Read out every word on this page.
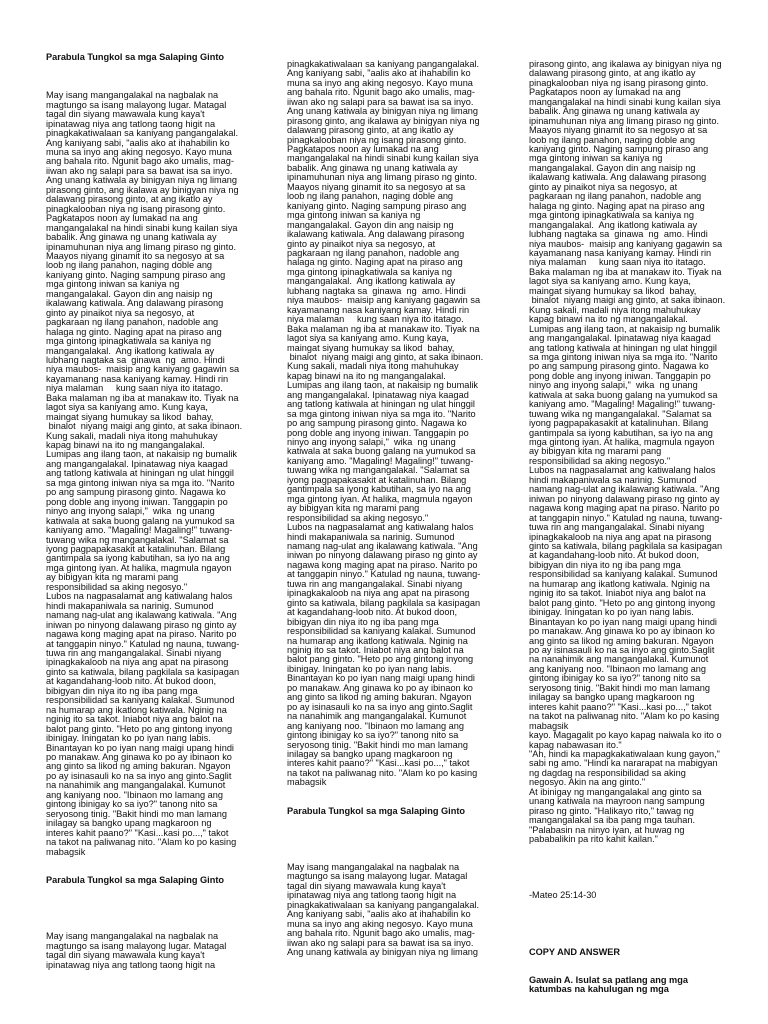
Parabula Tungkol sa mga Salaping Ginto

May isang mangangalakal na nagbalak na
magtungo sa isang malayong lugar. Matagal
tagal din siyang mawawala kung kaya't
ipinatawag niya ang tatlong taong higit na
pinagkakatiwalaan sa kaniyang pangangalakal.
Ang kaniyang sabi, "aalis ako at ihahabilin ko
muna sa inyo ang aking negosyo. Kayo muna
ang bahala rito. Ngunit bago ako umalis, mag-
iiwan ako ng salapi para sa bawat isa sa inyo.
Ang unang katiwala ay binigyan niya ng limang
pirasong ginto, ang ikalawa ay binigyan niya ng
dalawang pirasong ginto, at ang ikatlo ay
pinagkalooban niya ng isang pirasong ginto.
Pagkatapos noon ay lumakad na ang
mangangalakal na hindi sinabi kung kailan siya
babalik. Ang ginawa ng unang katiwala ay
ipinamuhunan niya ang limang piraso ng ginto.
Maayos niyang ginamit ito sa negosyo at sa
loob ng ilang panahon, naging doble ang
kaniyang ginto. Naging sampung piraso ang
mga gintong iniwan sa kaniya ng
mangangalakal. Gayon din ang naisip ng
ikalawang katiwala. Ang dalawang pirasong
ginto ay pinaikot niya sa negosyo, at
pagkaraan ng ilang panahon, nadoble ang
halaga ng ginto. Naging apat na piraso ang
mga gintong ipinagkatiwala sa kaniya ng
mangangalakal.  Ang ikatlong katiwala ay
lubhang nagtaka sa  ginawa  ng  amo. Hindi
niya maubos-  maisip ang kaniyang gagawin sa
kayamanang nasa kaniyang kamay. Hindi rin
niya malaman     kung saan niya ito itatago.
Baka malaman ng iba at manakaw ito. Tiyak na
lagot siya sa kaniyang amo. Kung kaya,
maingat siyang humukay sa likod  bahay,
binalot  niyang maigi ang ginto, at saka ibinaon.
Kung sakali, madali niya itong mahuhukay
kapag binawi na ito ng mangangalakal.
Lumipas ang ilang taon, at nakaisip ng bumalik
ang mangangalakal. Ipinatawag niya kaagad
ang tatlong katiwala at hiningan ng ulat hinggil
sa mga gintong iniwan niya sa mga ito. "Narito
po ang sampung pirasong ginto. Nagawa ko
pong doble ang inyong iniwan. Tanggapin po
ninyo ang inyong salapi,"  wika  ng unang
katiwala at saka buong galang na yumukod sa
kaniyang amo. "Magaling! Magaling!" tuwang-
tuwang wika ng mangangalakal. "Salamat sa
iyong pagpapakasakit at katalinuhan. Bilang
gantimpala sa iyong kabutihan, sa iyo na ang
mga gintong iyan. At halika, magmula ngayon
ay bibigyan kita ng marami pang
responsibilidad sa aking negosyo."
Lubos na nagpasalamat ang katiwalang halos
hindi makapaniwala sa narinig. Sumunod
namang nag-ulat ang ikalawang katiwala. "Ang
iniwan po ninyong dalawang piraso ng ginto ay
nagawa kong maging apat na piraso. Narito po
at tanggapin ninyo." Katulad ng nauna, tuwang-
tuwa rin ang mangangalakal. Sinabi niyang
ipinagkakaloob na niya ang apat na pirasong
ginto sa katiwala, bilang pagkilala sa kasipagan
at kagandahang-loob nito. At bukod doon,
bibigyan din niya ito ng iba pang mga
responsibilidad sa kaniyang kalakal. Sumunod
na humarap ang ikatlong katiwala. Nginig na
nginig ito sa takot. Iniabot niya ang balot na
balot pang ginto. "Heto po ang gintong inyong
ibinigay. Iningatan ko po iyan nang labis.
Binantayan ko po iyan nang maigi upang hindi
po manakaw. Ang ginawa ko po ay ibinaon ko
ang ginto sa likod ng aming bakuran. Ngayon
po ay isinasauli ko na sa inyo ang ginto.Saglit
na nanahimik ang mangangalakal. Kumunot
ang kaniyang noo. "Ibinaon mo lamang ang
gintong ibinigay ko sa iyo?" tanong nito sa
seryosong tinig. "Bakit hindi mo man lamang
inilagay sa bangko upang magkaroon ng
interes kahit paano?" "Kasi...kasi po...," takot
na takot na paliwanag nito. "Alam ko po kasing
mabagsik

Parabula Tungkol sa mga Salaping Ginto

May isang mangangalakal na nagbalak na
magtungo sa isang malayong lugar. Matagal
tagal din siyang mawawala kung kaya't
ipinatawag niya ang tatlong taong higit na

pinagkakatiwalaan sa kaniyang pangangalakal.
Ang kaniyang sabi, "aalis ako at ihahabilin ko
muna sa inyo ang aking negosyo. Kayo muna
ang bahala rito. Ngunit bago ako umalis, mag-
iiwan ako ng salapi para sa bawat isa sa inyo.
Ang unang katiwala ay binigyan niya ng limang
pirasong ginto, ang ikalawa ay binigyan niya ng
dalawang pirasong ginto, at ang ikatlo ay
pinagkalooban niya ng isang pirasong ginto.
Pagkatapos noon ay lumakad na ang
mangangalakal na hindi sinabi kung kailan siya
babalik. Ang ginawa ng unang katiwala ay
ipinamuhunan niya ang limang piraso ng ginto.
Maayos niyang ginamit ito sa negosyo at sa
loob ng ilang panahon, naging doble ang
kaniyang ginto. Naging sampung piraso ang
mga gintong iniwan sa kaniya ng
mangangalakal. Gayon din ang naisip ng
ikalawang katiwala. Ang dalawang pirasong
ginto ay pinaikot niya sa negosyo, at
pagkaraan ng ilang panahon, nadoble ang
halaga ng ginto. Naging apat na piraso ang
mga gintong ipinagkatiwala sa kaniya ng
mangangalakal.  Ang ikatlong katiwala ay
lubhang nagtaka sa  ginawa  ng  amo. Hindi
niya maubos-  maisip ang kaniyang gagawin sa
kayamanang nasa kaniyang kamay. Hindi rin
niya malaman     kung saan niya ito itatago.
Baka malaman ng iba at manakaw ito. Tiyak na
lagot siya sa kaniyang amo. Kung kaya,
maingat siyang humukay sa likod  bahay,
binalot  niyang maigi ang ginto, at saka ibinaon.
Kung sakali, madali niya itong mahuhukay
kapag binawi na ito ng mangangalakal.
Lumipas ang ilang taon, at nakaisip ng bumalik
ang mangangalakal. Ipinatawag niya kaagad
ang tatlong katiwala at hiningan ng ulat hinggil
sa mga gintong iniwan niya sa mga ito. "Narito
po ang sampung pirasong ginto. Nagawa ko
pong doble ang inyong iniwan. Tanggapin po
ninyo ang inyong salapi,"  wika  ng unang
katiwala at saka buong galang na yumukod sa
kaniyang amo. "Magaling! Magaling!" tuwang-
tuwang wika ng mangangalakal. "Salamat sa
iyong pagpapakasakit at katalinuhan. Bilang
gantimpala sa iyong kabutihan, sa iyo na ang
mga gintong iyan. At halika, magmula ngayon
ay bibigyan kita ng marami pang
responsibilidad sa aking negosyo."
Lubos na nagpasalamat ang katiwalang halos
hindi makapaniwala sa narinig. Sumunod
namang nag-ulat ang ikalawang katiwala. "Ang
iniwan po ninyong dalawang piraso ng ginto ay
nagawa kong maging apat na piraso. Narito po
at tanggapin ninyo." Katulad ng nauna, tuwang-
tuwa rin ang mangangalakal. Sinabi niyang
ipinagkakaloob na niya ang apat na pirasong
ginto sa katiwala, bilang pagkilala sa kasipagan
at kagandahang-loob nito. At bukod doon,
bibigyan din niya ito ng iba pang mga
responsibilidad sa kaniyang kalakal. Sumunod
na humarap ang ikatlong katiwala. Nginig na
nginig ito sa takot. Iniabot niya ang balot na
balot pang ginto. "Heto po ang gintong inyong
ibinigay. Iningatan ko po iyan nang labis.
Binantayan ko po iyan nang maigi upang hindi
po manakaw. Ang ginawa ko po ay ibinaon ko
ang ginto sa likod ng aming bakuran. Ngayon
po ay isinasauli ko na sa inyo ang ginto.Saglit
na nanahimik ang mangangalakal. Kumunot
ang kaniyang noo. "Ibinaon mo lamang ang
gintong ibinigay ko sa iyo?" tanong nito sa
seryosong tinig. "Bakit hindi mo man lamang
inilagay sa bangko upang magkaroon ng
interes kahit paano?" "Kasi...kasi po...," takot
na takot na paliwanag nito. "Alam ko po kasing
mabagsik

Parabula Tungkol sa mga Salaping Ginto

May isang mangangalakal na nagbalak na
magtungo sa isang malayong lugar. Matagal
tagal din siyang mawawala kung kaya't
ipinatawag niya ang tatlong taong higit na
pinagkakatiwalaan sa kaniyang pangangalakal.
Ang kaniyang sabi, "aalis ako at ihahabilin ko
muna sa inyo ang aking negosyo. Kayo muna
ang bahala rito. Ngunit bago ako umalis, mag-
iiwan ako ng salapi para sa bawat isa sa inyo.
Ang unang katiwala ay binigyan niya ng limang

pirasong ginto, ang ikalawa ay binigyan niya ng
dalawang pirasong ginto, at ang ikatlo ay
pinagkalooban niya ng isang pirasong ginto.
Pagkatapos noon ay lumakad na ang
mangangalakal na hindi sinabi kung kailan siya
babalik. Ang ginawa ng unang katiwala ay
ipinamuhunan niya ang limang piraso ng ginto.
Maayos niyang ginamit ito sa negosyo at sa
loob ng ilang panahon, naging doble ang
kaniyang ginto. Naging sampung piraso ang
mga gintong iniwan sa kaniya ng
mangangalakal. Gayon din ang naisip ng
ikalawang katiwala. Ang dalawang pirasong
ginto ay pinaikot niya sa negosyo, at
pagkaraan ng ilang panahon, nadoble ang
halaga ng ginto. Naging apat na piraso ang
mga gintong ipinagkatiwala sa kaniya ng
mangangalakal.  Ang ikatlong katiwala ay
lubhang nagtaka sa  ginawa  ng  amo. Hindi
niya maubos-  maisip ang kaniyang gagawin sa
kayamanang nasa kaniyang kamay. Hindi rin
niya malaman     kung saan niya ito itatago.
Baka malaman ng iba at manakaw ito. Tiyak na
lagot siya sa kaniyang amo. Kung kaya,
maingat siyang humukay sa likod  bahay,
binalot  niyang maigi ang ginto, at saka ibinaon.
Kung sakali, madali niya itong mahuhukay
kapag binawi na ito ng mangangalakal.
Lumipas ang ilang taon, at nakaisip ng bumalik
ang mangangalakal. Ipinatawag niya kaagad
ang tatlong katiwala at hiningan ng ulat hinggil
sa mga gintong iniwan niya sa mga ito. "Narito
po ang sampung pirasong ginto. Nagawa ko
pong doble ang inyong iniwan. Tanggapin po
ninyo ang inyong salapi,"  wika  ng unang
katiwala at saka buong galang na yumukod sa
kaniyang amo. "Magaling! Magaling!" tuwang-
tuwang wika ng mangangalakal. "Salamat sa
iyong pagpapakasakit at katalinuhan. Bilang
gantimpala sa iyong kabutihan, sa iyo na ang
mga gintong iyan. At halika, magmula ngayon
ay bibigyan kita ng marami pang
responsibilidad sa aking negosyo."
Lubos na nagpasalamat ang katiwalang halos
hindi makapaniwala sa narinig. Sumunod
namang nag-ulat ang ikalawang katiwala. "Ang
iniwan po ninyong dalawang piraso ng ginto ay
nagawa kong maging apat na piraso. Narito po
at tanggapin ninyo." Katulad ng nauna, tuwang-
tuwa rin ang mangangalakal. Sinabi niyang
ipinagkakaloob na niya ang apat na pirasong
ginto sa katiwala, bilang pagkilala sa kasipagan
at kagandahang-loob nito. At bukod doon,
bibigyan din niya ito ng iba pang mga
responsibilidad sa kaniyang kalakal. Sumunod
na humarap ang ikatlong katiwala. Nginig na
nginig ito sa takot. Iniabot niya ang balot na
balot pang ginto. "Heto po ang gintong inyong
ibinigay. Iningatan ko po iyan nang labis.
Binantayan ko po iyan nang maigi upang hindi
po manakaw. Ang ginawa ko po ay ibinaon ko
ang ginto sa likod ng aming bakuran. Ngayon
po ay isinasauli ko na sa inyo ang ginto.Saglit
na nanahimik ang mangangalakal. Kumunot
ang kaniyang noo. "Ibinaon mo lamang ang
gintong ibinigay ko sa iyo?" tanong nito sa
seryosong tinig. "Bakit hindi mo man lamang
inilagay sa bangko upang magkaroon ng
interes kahit paano?" "Kasi...kasi po...," takot
na takot na paliwanag nito. "Alam ko po kasing
mabagsik
kayo. Magagalit po kayo kapag naiwala ko ito o
kapag nabawasan ito."
"Ah, hindi ka mapagkakatiwalaan kung gayon,"
sabi ng amo. "Hindi ka nararapat na mabigyan
ng dagdag na responsibilidad sa aking
negosyo. Akin na ang ginto."
At ibinigay ng mangangalakal ang ginto sa
unang katiwala na mayroon nang sampung
piraso ng ginto. "Halikayo rito," tawag ng
mangangalakal sa iba pang mga tauhan.
"Palabasin na ninyo iyan, at huwag ng
pababalikin pa rito kahit kailan."

-Mateo 25:14-30

COPY AND ANSWER

Gawain A. Isulat sa patlang ang mga
katumbas na kahulugan ng mga
